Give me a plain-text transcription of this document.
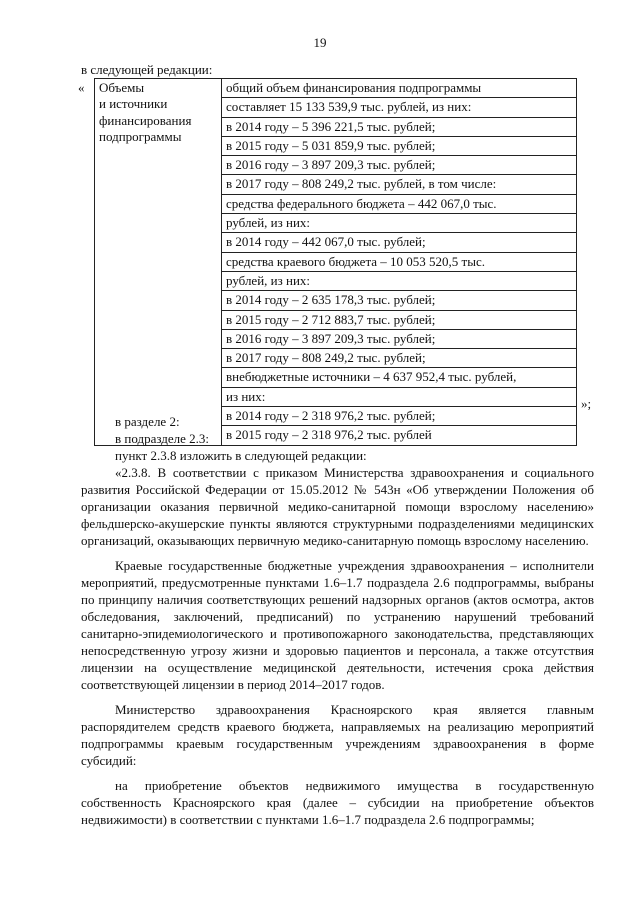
19
в следующей редакции:
« Объемы
и источники
финансирования
подпрограммы
	общий объем финансирования подпрограммы
составляет 15 133 539,9 тыс. рублей, из них:
в 2014 году – 5 396 221,5 тыс. рублей;
в 2015 году – 5 031 859,9 тыс. рублей;
в 2016 году – 3 897 209,3 тыс. рублей;
в 2017 году – 808 249,2 тыс. рублей, в том числе:
средства федерального бюджета – 442 067,0 тыс.
рублей, из них:
в 2014 году – 442 067,0 тыс. рублей;
средства краевого бюджета – 10 053 520,5 тыс.
рублей, из них:
в 2014 году – 2 635 178,3 тыс. рублей;
в 2015 году – 2 712 883,7 тыс. рублей;
в 2016 году – 3 897 209,3 тыс. рублей;
в 2017 году – 808 249,2 тыс. рублей;
внебюджетные источники – 4 637 952,4 тыс. рублей,
из них:
в 2014 году – 2 318 976,2 тыс. рублей;
в 2015 году – 2 318 976,2 тыс. рублей
»;

в разделе 2:

в подразделе 2.3:

пункт 2.3.8 изложить в следующей редакции:

«2.3.8. В соответствии с приказом Министерства здравоохранения и социального развития Российской Федерации от 15.05.2012 № 543н «Об утверждении Положения об организации оказания первичной медико-санитарной помощи взрослому населению» фельдшерско-акушерские пункты являются структурными подразделениями медицинских организаций, оказывающих первичную медико-санитарную помощь взрослому населению.

Краевые государственные бюджетные учреждения здравоохранения – исполнители мероприятий, предусмотренные пунктами 1.6–1.7 подраздела 2.6 подпрограммы, выбраны по принципу наличия соответствующих решений надзорных органов (актов осмотра, актов обследования, заключений, предписаний) по устранению нарушений требований санитарно-эпидемиологического и противопожарного законодательства, представляющих непосредственную угрозу жизни и здоровью пациентов и персонала, а также отсутствия лицензии на осуществление медицинской деятельности, истечения срока действия соответствующей лицензии в период 2014–2017 годов.

Министерство здравоохранения Красноярского края является главным распорядителем средств краевого бюджета, направляемых на реализацию мероприятий подпрограммы краевым государственным учреждениям здравоохранения в форме субсидий:

на приобретение объектов недвижимого имущества в государственную собственность Красноярского края (далее – субсидии на приобретение объектов недвижимости) в соответствии с пунктами 1.6–1.7 подраздела 2.6 подпрограммы;
